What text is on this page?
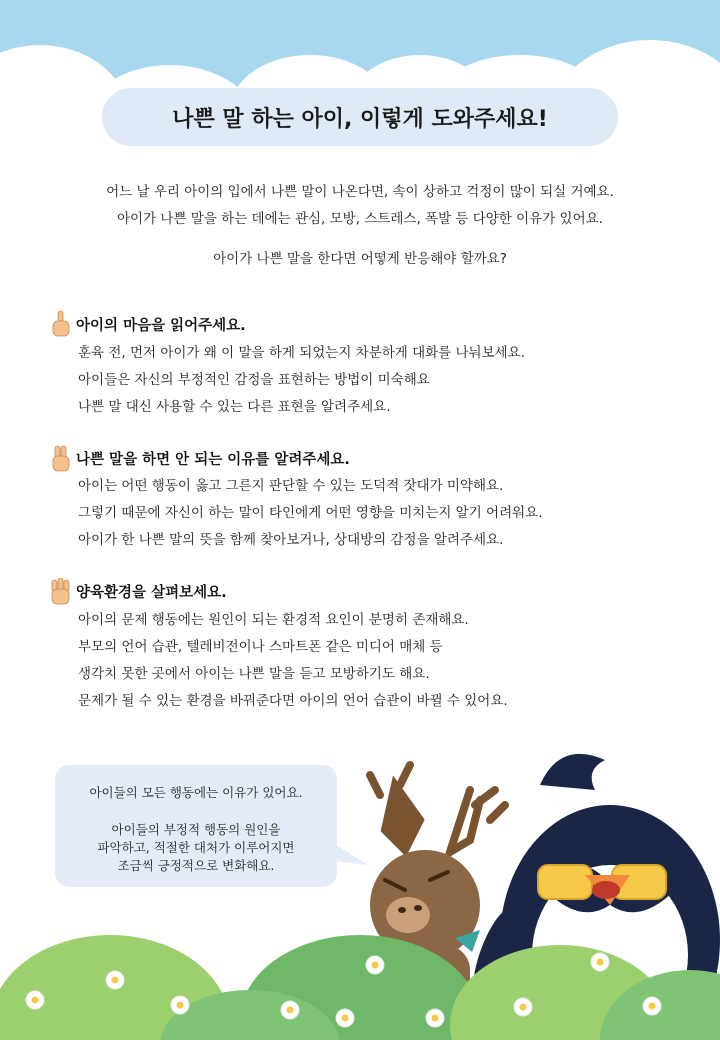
나쁜 말 하는 아이, 이렇게 도와주세요!
어느 날 우리 아이의 입에서 나쁜 말이 나온다면, 속이 상하고 걱정이 많이 되실 거예요.
아이가 나쁜 말을 하는 데에는 관심, 모방, 스트레스, 폭발 등 다양한 이유가 있어요.
아이가 나쁜 말을 한다면 어떻게 반응해야 할까요?
아이의 마음을 읽어주세요.
훈육 전, 먼저 아이가 왜 이 말을 하게 되었는지 차분하게 대화를 나눠보세요.
아이들은 자신의 부정적인 감정을 표현하는 방법이 미숙해요
나쁜 말 대신 사용할 수 있는 다른 표현을 알려주세요.
나쁜 말을 하면 안 되는 이유를 알려주세요.
아이는 어떤 행동이 옳고 그른지 판단할 수 있는 도덕적 잣대가 미약해요.
그렇기 때문에 자신이 하는 말이 타인에게 어떤 영향을 미치는지 알기 어려워요.
아이가 한 나쁜 말의 뜻을 함께 찾아보거나, 상대방의 감정을 알려주세요.
양육환경을 살펴보세요.
아이의 문제 행동에는 원인이 되는 환경적 요인이 분명히 존재해요.
부모의 언어 습관, 텔레비전이나 스마트폰 같은 미디어 매체 등
생각치 못한 곳에서 아이는 나쁜 말을 듣고 모방하기도 해요.
문제가 될 수 있는 환경을 바꿔준다면 아이의 언어 습관이 바뀔 수 있어요.
아이들의 모든 행동에는 이유가 있어요.
아이들의 부정적 행동의 원인을
파악하고, 적절한 대처가 이루어지면
조금씩 긍정적으로 변화해요.
